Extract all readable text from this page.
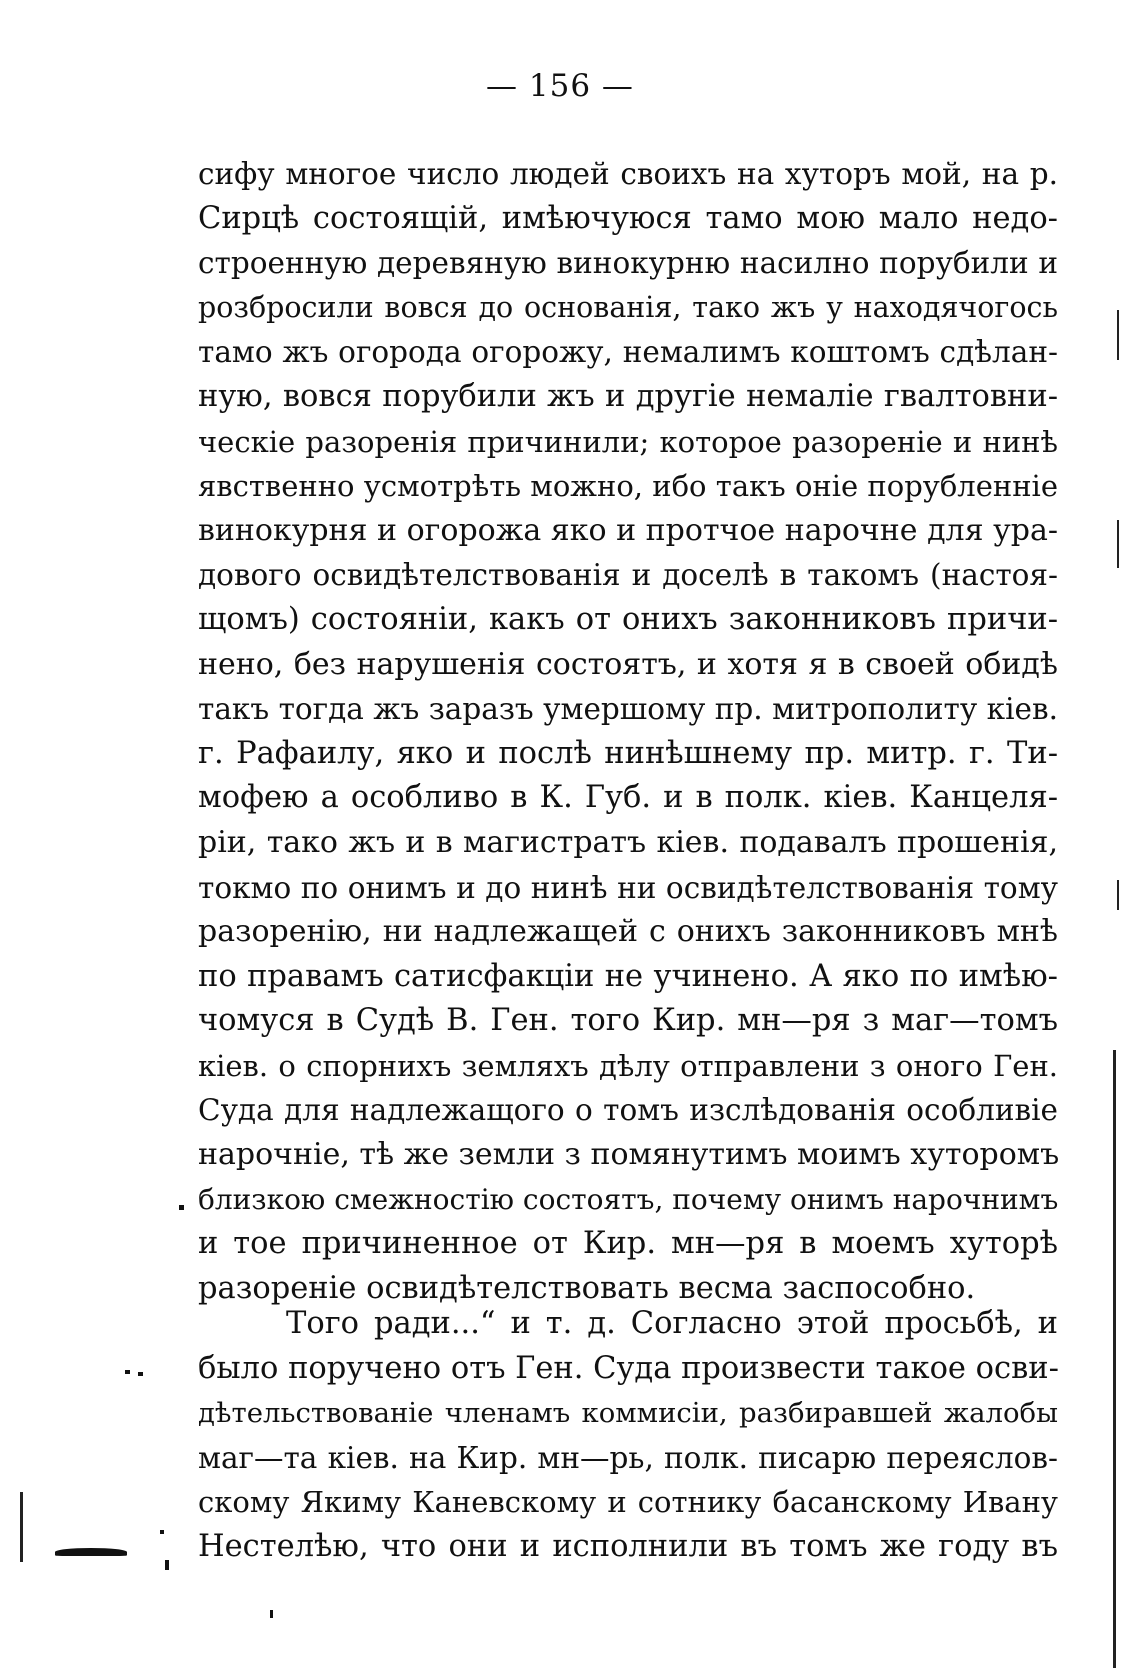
— 156 —
сифу многое число людей своихъ на хуторъ мой, на р.
Сирцѣ состоящій, имѣючуюся тамо мою мало недо-
строенную деревяную винокурню насилно порубили и
розбросили вовся до основанія, тако жъ у находячогось
тамо жъ огорода огорожу, немалимъ коштомъ сдѣлан-
ную, вовся порубили жъ и другіе немаліе гвалтовни-
ческіе разоренія причинили; которое разореніе и нинѣ
явственно усмотрѣть можно, ибо такъ оніе порубленніе
винокурня и огорожа яко и протчое нарочне для ура-
дового освидѣтелствованія и доселѣ в такомъ (настоя-
щомъ) состояніи, какъ от онихъ законниковъ причи-
нено, без нарушенія состоятъ, и хотя я в своей обидѣ
такъ тогда жъ заразъ умершому пр. митрополиту кiев.
г. Рафаилу, яко и послѣ нинѣшнему пр. митр. г. Ти-
мофею а особливо в К. Губ. и в полк. кiев. Канцеля-
ріи, тако жъ и в магистратъ кiев. подавалъ прошенія,
токмо по онимъ и до нинѣ ни освидѣтелствованія тому
разоренію, ни надлежащей с онихъ законниковъ мнѣ
по правамъ сатисфакціи не учинено. А яко по имѣю-
чомуся в Судѣ В. Ген. того Кир. мн—ря з маг—томъ
кiев. о спорнихъ земляхъ дѣлу отправлени з оного Ген.
Суда для надлежащого о томъ изслѣдованія особливіе
нарочніе, тѣ же земли з помянутимъ моимъ хуторомъ
близкою смежностію состоятъ, почему онимъ нарочнимъ
и тое причиненное от Кир. мн—ря в моемъ хуторѣ
разореніе освидѣтелствовать весма заспособно.
Того ради...“ и т. д. Согласно этой просьбѣ, и
было поручено отъ Ген. Суда произвести такое осви-
дѣтельствованіе членамъ коммисіи, разбиравшей жалобы
маг—та кiев. на Кир. мн—рь, полк. писарю переяслов-
скому Якиму Каневскому и сотнику басанскому Ивану
Нестелѣю, что они и исполнили въ томъ же году въ
